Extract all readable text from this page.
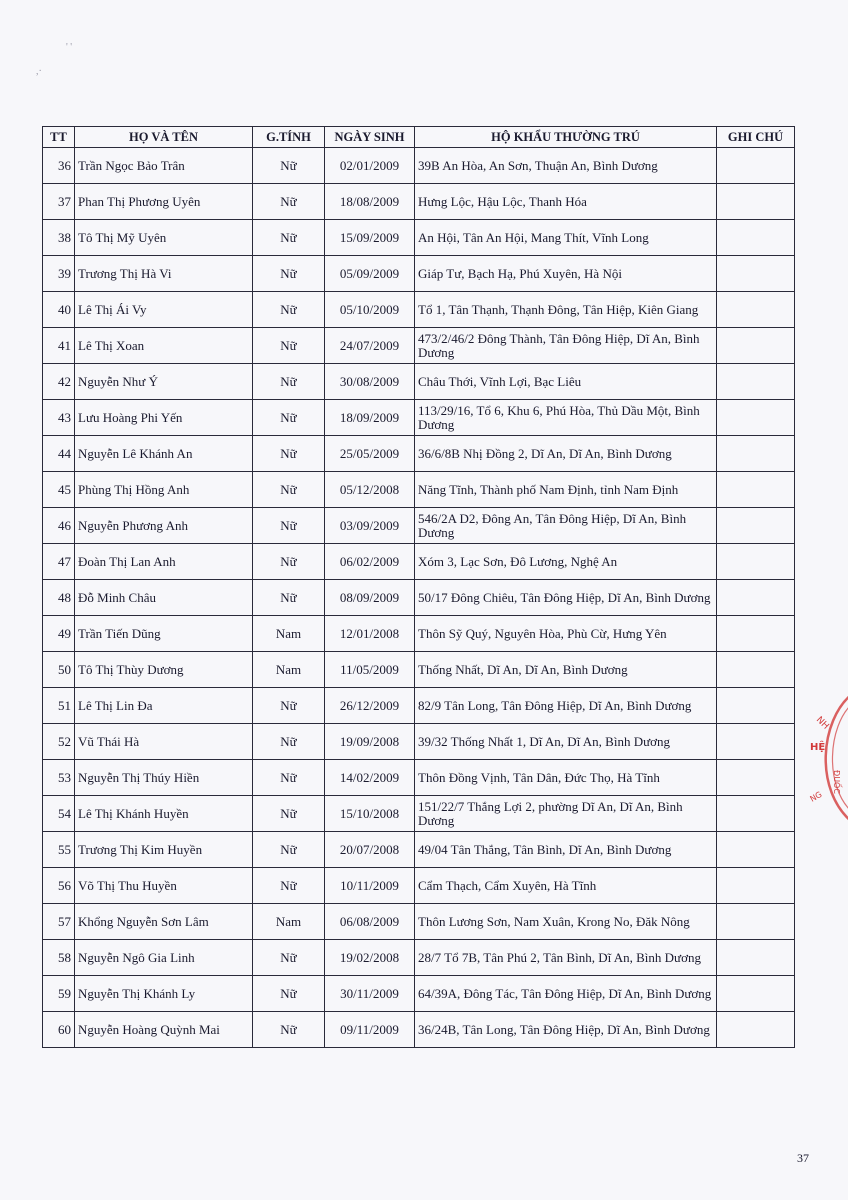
' '
,·
TT	HỌ VÀ TÊN	G.TÍNH	NGÀY SINH	HỘ KHẨU THƯỜNG TRÚ	GHI CHÚ
36	Trần Ngọc Bảo Trân	Nữ	02/01/2009	39B An Hòa, An Sơn, Thuận An, Bình Dương	
37	Phan Thị Phương Uyên	Nữ	18/08/2009	Hưng Lộc, Hậu Lộc, Thanh Hóa	
38	Tô Thị Mỹ Uyên	Nữ	15/09/2009	An Hội, Tân An Hội, Mang Thít, Vĩnh Long	
39	Trương Thị Hà Vi	Nữ	05/09/2009	Giáp Tư, Bạch Hạ, Phú Xuyên, Hà Nội	
40	Lê Thị Ái Vy	Nữ	05/10/2009	Tổ 1, Tân Thạnh, Thạnh Đông, Tân Hiệp, Kiên Giang	
41	Lê Thị Xoan	Nữ	24/07/2009	473/2/46/2 Đông Thành, Tân Đông Hiệp, Dĩ An, Bình Dương	
42	Nguyễn Như Ý	Nữ	30/08/2009	Châu Thới, Vĩnh Lợi, Bạc Liêu	
43	Lưu Hoàng Phi Yến	Nữ	18/09/2009	113/29/16, Tổ 6, Khu 6, Phú Hòa, Thủ Dầu Một, Bình Dương	
44	Nguyễn Lê Khánh An	Nữ	25/05/2009	36/6/8B Nhị Đồng 2, Dĩ An, Dĩ An, Bình Dương	
45	Phùng Thị Hồng Anh	Nữ	05/12/2008	Năng Tĩnh, Thành phố Nam Định, tỉnh Nam Định	
46	Nguyễn Phương Anh	Nữ	03/09/2009	546/2A D2, Đông An, Tân Đông Hiệp, Dĩ An, Bình Dương	
47	Đoàn Thị Lan Anh	Nữ	06/02/2009	Xóm 3, Lạc Sơn, Đô Lương, Nghệ An	
48	Đỗ Minh Châu	Nữ	08/09/2009	50/17 Đông Chiêu, Tân Đông Hiệp, Dĩ An, Bình Dương	
49	Trần Tiến Dũng	Nam	12/01/2008	Thôn Sỹ Quý, Nguyên Hòa, Phù Cừ, Hưng Yên	
50	Tô Thị Thùy Dương	Nam	11/05/2009	Thống Nhất, Dĩ An, Dĩ An, Bình Dương	
51	Lê Thị Lin Đa	Nữ	26/12/2009	82/9 Tân Long, Tân Đông Hiệp, Dĩ An, Bình Dương	
52	Vũ Thái Hà	Nữ	19/09/2008	39/32 Thống Nhất 1, Dĩ An, Dĩ An, Bình Dương	
53	Nguyễn Thị Thúy Hiền	Nữ	14/02/2009	Thôn Đồng Vịnh, Tân Dân, Đức Thọ, Hà Tĩnh	
54	Lê Thị Khánh Huyền	Nữ	15/10/2008	151/22/7 Thắng Lợi 2, phường Dĩ An, Dĩ An, Bình Dương	
55	Trương Thị Kim Huyền	Nữ	20/07/2008	49/04 Tân Thắng, Tân Bình, Dĩ An, Bình Dương	
56	Võ Thị Thu Huyền	Nữ	10/11/2009	Cẩm Thạch, Cẩm Xuyên, Hà Tĩnh	
57	Khổng Nguyễn Sơn Lâm	Nam	06/08/2009	Thôn Lương Sơn, Nam Xuân, Krong No, Đăk Nông	
58	Nguyễn Ngô Gia Linh	Nữ	19/02/2008	28/7 Tổ 7B, Tân Phú 2, Tân Bình, Dĩ An, Bình Dương	
59	Nguyễn Thị Khánh Ly	Nữ	30/11/2009	64/39A, Đông Tác, Tân Đông Hiệp, Dĩ An, Bình Dương	
60	Nguyễn Hoàng Quỳnh Mai	Nữ	09/11/2009	36/24B, Tân Long, Tân Đông Hiệp, Dĩ An, Bình Dương	
NH
HỆ
ĐUỐC
NG
37
